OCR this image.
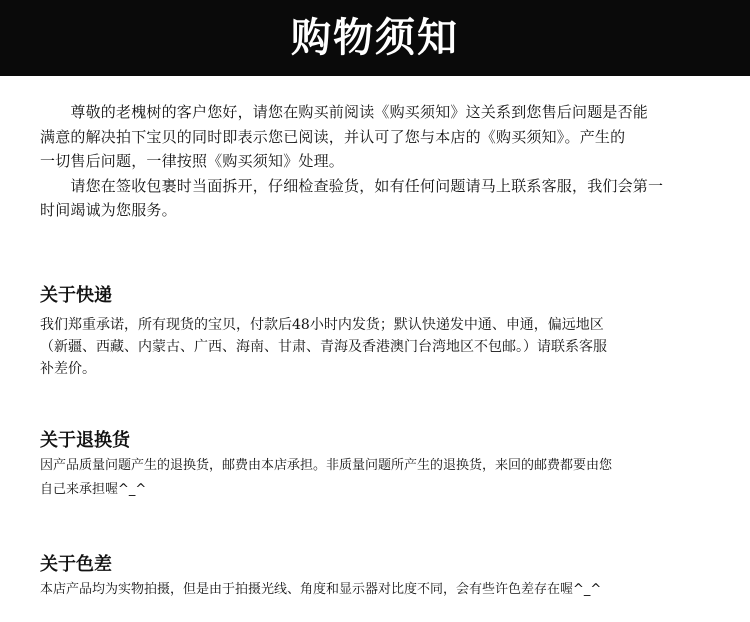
购物须知
　　尊敬的老槐树的客户您好，请您在购买前阅读《购买须知》这关系到您售后问题是否能
满意的解决拍下宝贝的同时即表示您已阅读，并认可了您与本店的《购买须知》。产生的
一切售后问题，一律按照《购买须知》处理。
　　请您在签收包裹时当面拆开，仔细检查验货，如有任何问题请马上联系客服，我们会第一
时间竭诚为您服务。
关于快递
我们郑重承诺，所有现货的宝贝，付款后48小时内发货；默认快递发中通、申通，偏远地区
（新疆、西藏、内蒙古、广西、海南、甘肃、青海及香港澳门台湾地区不包邮。）请联系客服
补差价。
关于退换货
因产品质量问题产生的退换货，邮费由本店承担。非质量问题所产生的退换货，来回的邮费都要由您
自己来承担喔^_^
关于色差
本店产品均为实物拍摄，但是由于拍摄光线、角度和显示器对比度不同，会有些许色差存在喔^_^
